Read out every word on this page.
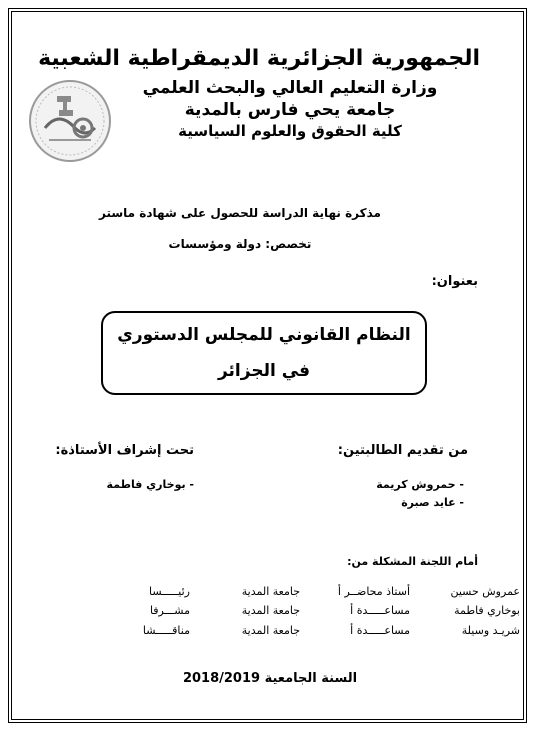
الجمهورية الجزائرية الديمقراطية الشعبية
وزارة التعليم العالي والبحث العلمي
جامعة يحي فارس بالمدية
كلية الحقوق والعلوم السياسية
مذكرة نهاية الدراسة للحصول على شهادة ماستر
تخصص: دولة ومؤسسات
بعنوان:
النظام القانوني للمجلس الدستوري
في الجزائر
من تقديم الطالبتين:
تحت إشراف الأستاذة:
- حمروش كريمة
- عايد صبرة
- بوخاري فاطمة
أمام اللجنة المشكلة من:
عمروش حسين
أستاذ محاضــر أ
جامعة المدية
رئيـــــسا
بوخاري فاطمة
مساعـــــدة أ
جامعة المدية
مشـــرفا
شريـد وسيلة
مساعـــــدة أ
جامعة المدية
مناقـــــشا
السنة الجامعية 2018/2019
